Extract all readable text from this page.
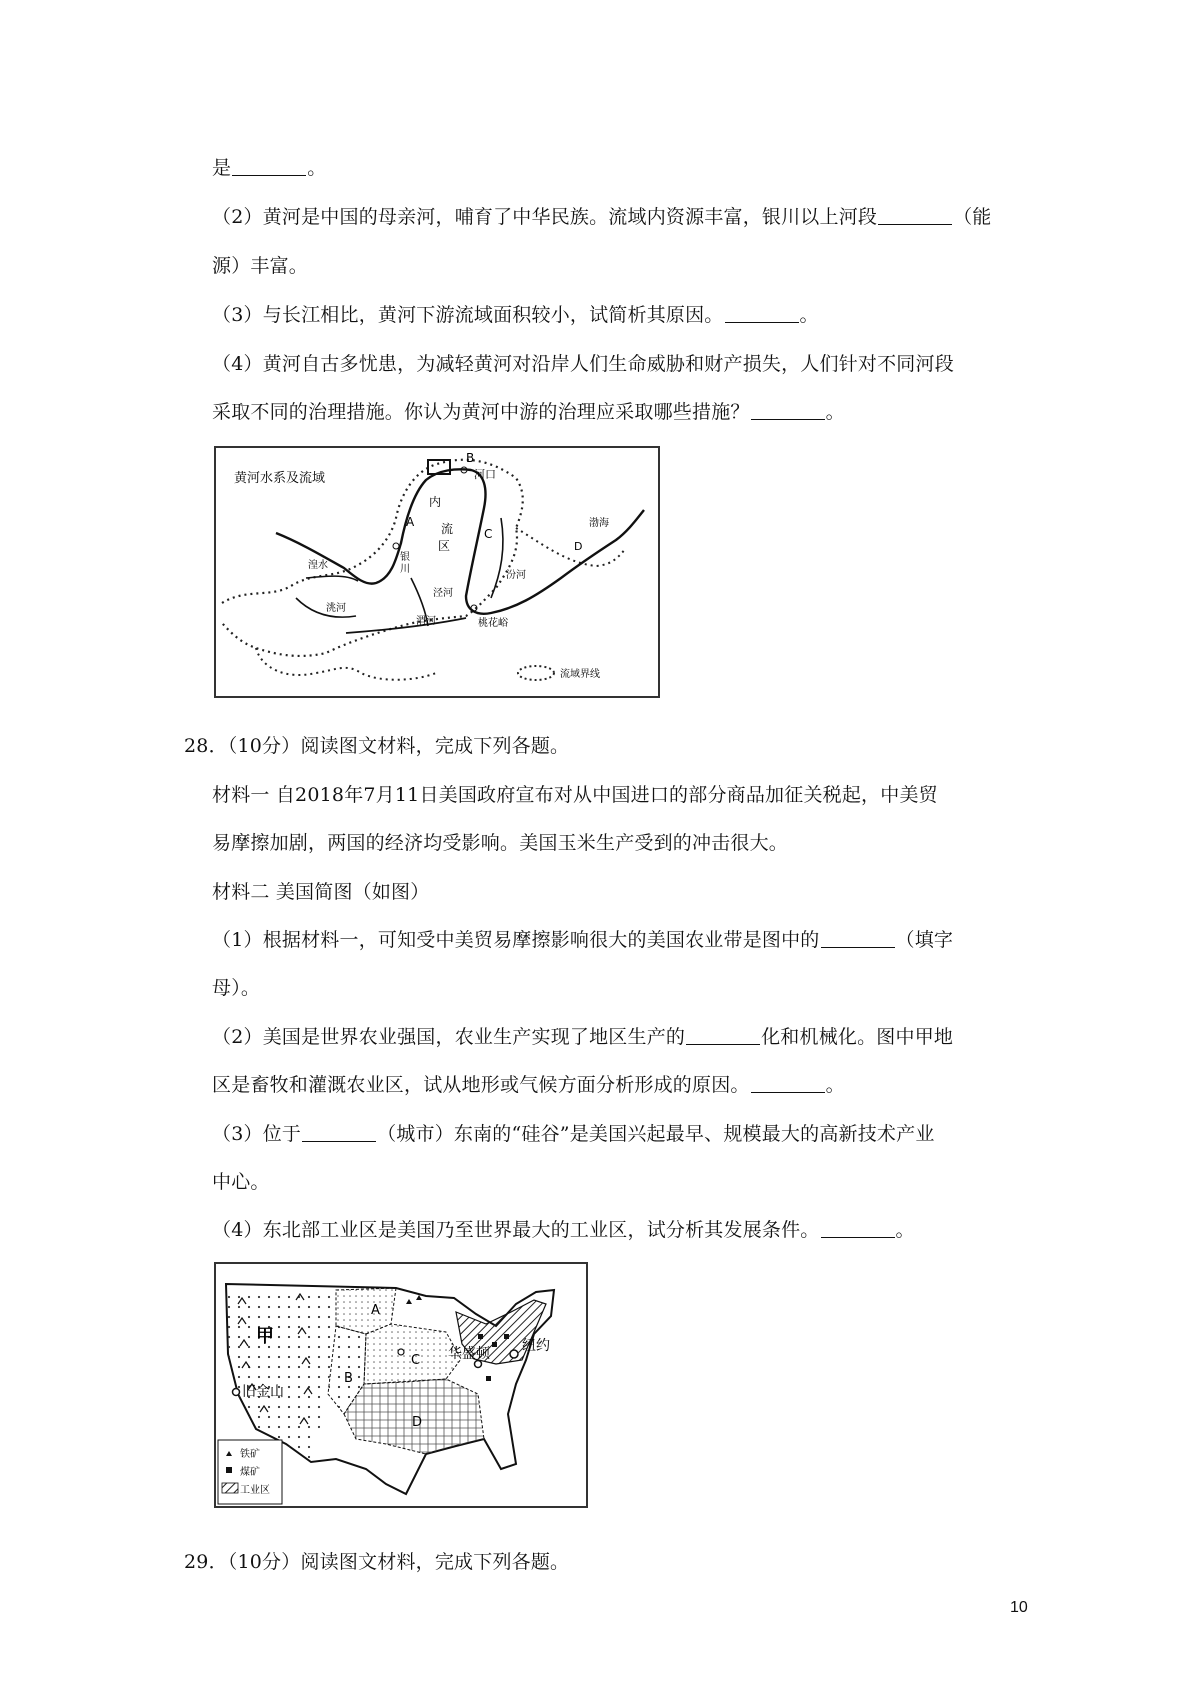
是	。
（2）黄河是中国的母亲河，哺育了中华民族。流域内资源丰富，银川以上河段	（能
源）丰富。
（3）与长江相比，黄河下游流域面积较小，试简析其原因。	。
（4）黄河自古多忧患，为减轻黄河对沿岸人们生命威胁和财产损失，人们针对不同河段
采取不同的治理措施。你认为黄河中游的治理应采取哪些措施？	。
黄河水系及流域
B
河口
内
流
区
A
银
川
C
D
渤海
湟水
洮河
泾河
渭河
汾河
桃花峪
流域界线
28．（10分）阅读图文材料，完成下列各题。
材料一 自2018年7月11日美国政府宣布对从中国进口的部分商品加征关税起，中美贸
易摩擦加剧，两国的经济均受影响。美国玉米生产受到的冲击很大。
材料二 美国简图（如图）
（1）根据材料一，可知受中美贸易摩擦影响很大的美国农业带是图中的	（填字
母）。
（2）美国是世界农业强国，农业生产实现了地区生产的	化和机械化。图中甲地
区是畜牧和灌溉农业区，试从地形或气候方面分析形成的原因。	。
（3）位于	（城市）东南的“硅谷”是美国兴起最早、规模最大的高新技术产业
中心。
（4）东北部工业区是美国乃至世界最大的工业区，试分析其发展条件。	。
甲
A
B
C
D
旧金山
华盛顿 纽约
铁矿
煤矿
工业区
29．（10分）阅读图文材料，完成下列各题。
10
